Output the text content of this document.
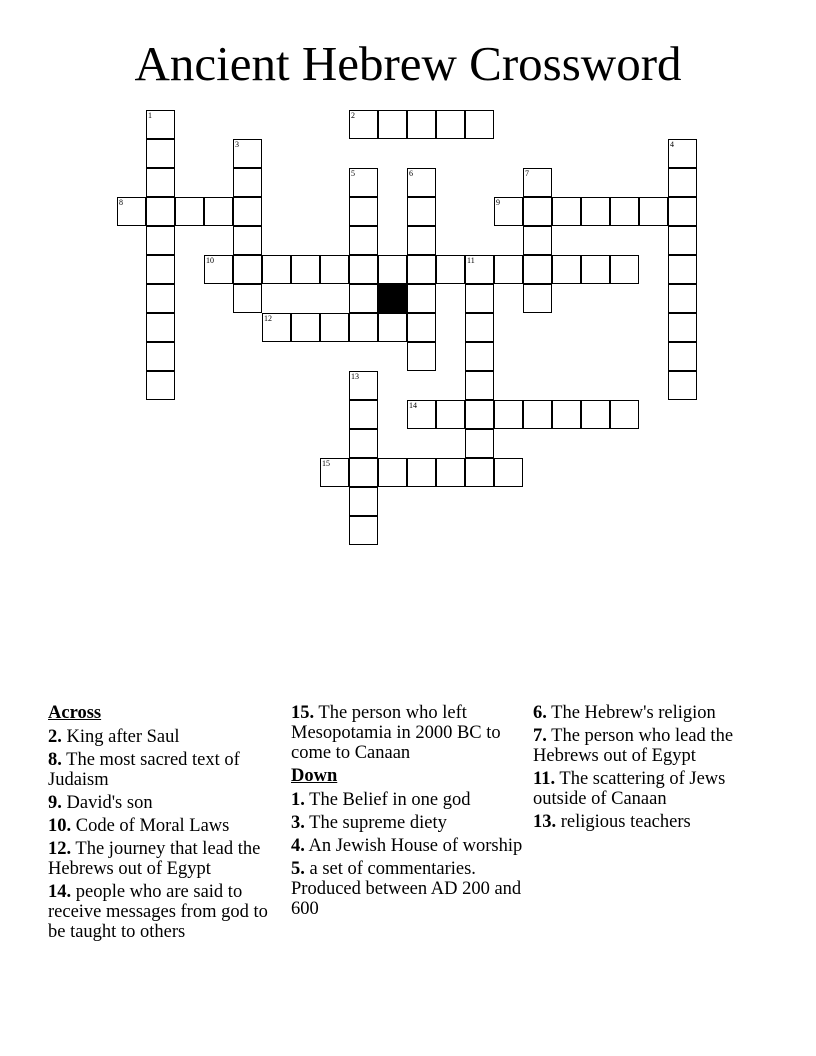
Ancient Hebrew Crossword
1	2
3	4
5	6	7
8	9
10	11
12
13
14
15
Across
2. King after Saul
8. The most sacred text of Judaism
9. David's son
10. Code of Moral Laws
12. The journey that lead the Hebrews out of Egypt
14. people who are said to receive messages from god to be taught to others
15. The person who left Mesopotamia in 2000 BC to come to Canaan
Down
1. The Belief in one god
3. The supreme diety
4. An Jewish House of worship
5. a set of commentaries. Produced between AD 200 and 600
6. The Hebrew's religion
7. The person who lead the Hebrews out of Egypt
11. The scattering of Jews outside of Canaan
13. religious teachers
